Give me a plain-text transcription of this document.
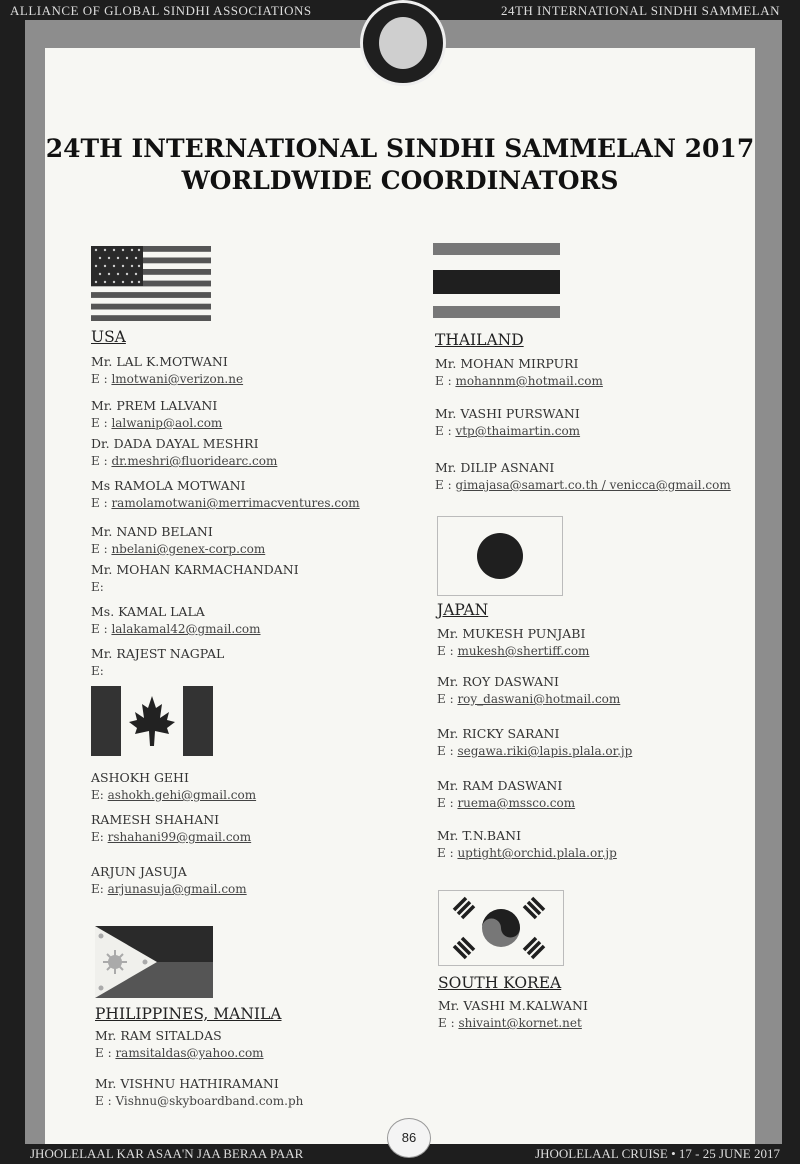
ALLIANCE OF GLOBAL SINDHI ASSOCIATIONS	24TH INTERNATIONAL SINDHI SAMMELAN
24TH INTERNATIONAL SINDHI SAMMELAN 2017
WORLDWIDE COORDINATORS
USA
Mr. LAL K.MOTWANI
E : lmotwani@verizon.ne
Mr. PREM LALVANI
E : lalwanip@aol.com
Dr. DADA DAYAL MESHRI
E : dr.meshri@fluoridearc.com
Ms RAMOLA MOTWANI
E : ramolamotwani@merrimacventures.com
Mr. NAND BELANI
E : nbelani@genex-corp.com
Mr. MOHAN KARMACHANDANI
E:
Ms. KAMAL LALA
E : lalakamal42@gmail.com
Mr. RAJEST NAGPAL
E:
ASHOKH GEHI
E: ashokh.gehi@gmail.com
RAMESH SHAHANI
E: rshahani99@gmail.com
ARJUN JASUJA
E: arjunasuja@gmail.com
PHILIPPINES, MANILA
Mr. RAM SITALDAS
E : ramsitaldas@yahoo.com
Mr. VISHNU HATHIRAMANI
E : Vishnu@skyboardband.com.ph
THAILAND
Mr. MOHAN MIRPURI
E : mohannm@hotmail.com
Mr. VASHI PURSWANI
E : vtp@thaimartin.com
Mr. DILIP ASNANI
E : gimajasa@samart.co.th / venicca@gmail.com
JAPAN
Mr. MUKESH PUNJABI
E : mukesh@shertiff.com
Mr. ROY DASWANI
E : roy_daswani@hotmail.com
Mr. RICKY SARANI
E : segawa.riki@lapis.plala.or.jp
Mr. RAM DASWANI
E : ruema@mssco.com
Mr. T.N.BANI
E : uptight@orchid.plala.or.jp
SOUTH KOREA
Mr. VASHI M.KALWANI
E : shivaint@kornet.net
86
JHOOLELAAL KAR ASAA'N JAA BERAA PAAR	JHOOLELAAL CRUISE • 17 - 25 JUNE 2017
